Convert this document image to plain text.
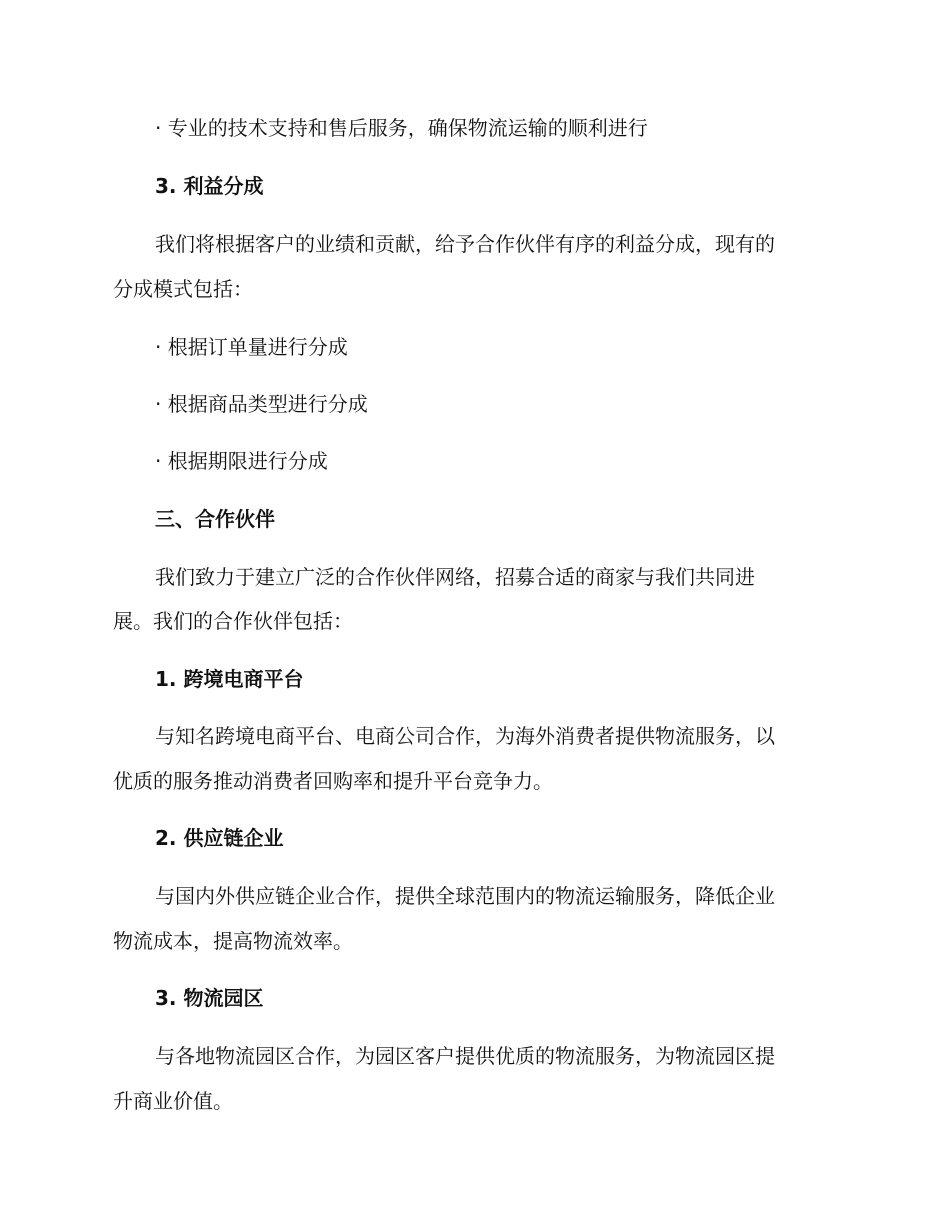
· 专业的技术支持和售后服务，确保物流运输的顺利进行
3. 利益分成
我们将根据客户的业绩和贡献，给予合作伙伴有序的利益分成，现有的
分成模式包括：
· 根据订单量进行分成
· 根据商品类型进行分成
· 根据期限进行分成
三、合作伙伴
我们致力于建立广泛的合作伙伴网络，招募合适的商家与我们共同进
展。我们的合作伙伴包括：
1. 跨境电商平台
与知名跨境电商平台、电商公司合作，为海外消费者提供物流服务，以
优质的服务推动消费者回购率和提升平台竞争力。
2. 供应链企业
与国内外供应链企业合作，提供全球范围内的物流运输服务，降低企业
物流成本，提高物流效率。
3. 物流园区
与各地物流园区合作，为园区客户提供优质的物流服务，为物流园区提
升商业价值。
